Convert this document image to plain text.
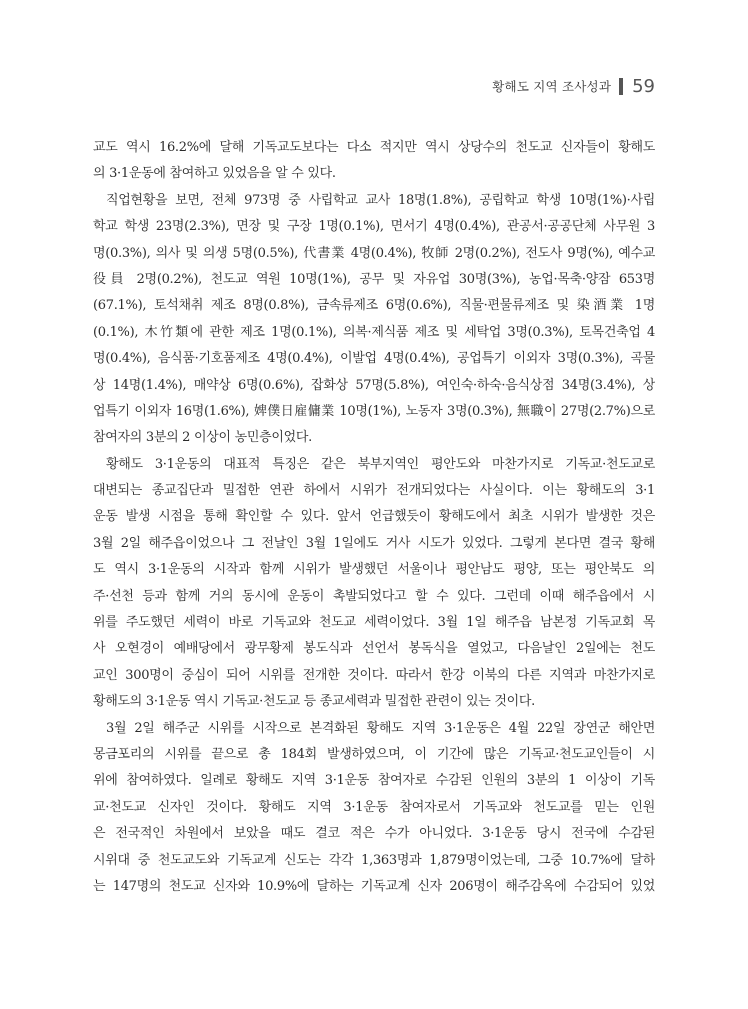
황해도 지역 조사성과 59
교도 역시 16.2%에 달해 기독교도보다는 다소 적지만 역시 상당수의 천도교 신자들이 황해도
의 3·1운동에 참여하고 있었음을 알 수 있다.
직업현황을 보면, 전체 973명 중 사립학교 교사 18명(1.8%), 공립학교 학생 10명(1%)·사립
학교 학생 23명(2.3%), 면장 및 구장 1명(0.1%), 면서기 4명(0.4%), 관공서·공공단체 사무원 3
명(0.3%), 의사 및 의생 5명(0.5%), 代書業 4명(0.4%), 牧師 2명(0.2%), 전도사 9명(%), 예수교
役員 2명(0.2%), 천도교 역원 10명(1%), 공무 및 자유업 30명(3%), 농업·목축·양잠 653명
(67.1%), 토석채취 제조 8명(0.8%), 금속류제조 6명(0.6%), 직물·편물류제조 및 染酒業 1명
(0.1%), 木竹類에 관한 제조 1명(0.1%), 의복·제식품 제조 및 세탁업 3명(0.3%), 토목건축업 4
명(0.4%), 음식품·기호품제조 4명(0.4%), 이발업 4명(0.4%), 공업특기 이외자 3명(0.3%), 곡물
상 14명(1.4%), 매약상 6명(0.6%), 잡화상 57명(5.8%), 여인숙·하숙·음식상점 34명(3.4%), 상
업특기 이외자 16명(1.6%), 婢僕日雇傭業 10명(1%), 노동자 3명(0.3%), 無職이 27명(2.7%)으로
참여자의 3분의 2 이상이 농민층이었다.
황해도 3·1운동의 대표적 특징은 같은 북부지역인 평안도와 마찬가지로 기독교·천도교로
대변되는 종교집단과 밀접한 연관 하에서 시위가 전개되었다는 사실이다. 이는 황해도의 3·1
운동 발생 시점을 통해 확인할 수 있다. 앞서 언급했듯이 황해도에서 최초 시위가 발생한 것은
3월 2일 해주읍이었으나 그 전날인 3월 1일에도 거사 시도가 있었다. 그렇게 본다면 결국 황해
도 역시 3·1운동의 시작과 함께 시위가 발생했던 서울이나 평안남도 평양, 또는 평안북도 의
주·선천 등과 함께 거의 동시에 운동이 촉발되었다고 할 수 있다. 그런데 이때 해주읍에서 시
위를 주도했던 세력이 바로 기독교와 천도교 세력이었다. 3월 1일 해주읍 남본정 기독교회 목
사 오현경이 예배당에서 광무황제 봉도식과 선언서 봉독식을 열었고, 다음날인 2일에는 천도
교인 300명이 중심이 되어 시위를 전개한 것이다. 따라서 한강 이북의 다른 지역과 마찬가지로
황해도의 3·1운동 역시 기독교·천도교 등 종교세력과 밀접한 관련이 있는 것이다.
3월 2일 해주군 시위를 시작으로 본격화된 황해도 지역 3·1운동은 4월 22일 장연군 해안면
몽금포리의 시위를 끝으로 총 184회 발생하였으며, 이 기간에 많은 기독교·천도교인들이 시
위에 참여하였다. 일례로 황해도 지역 3·1운동 참여자로 수감된 인원의 3분의 1 이상이 기독
교·천도교 신자인 것이다. 황해도 지역 3·1운동 참여자로서 기독교와 천도교를 믿는 인원
은 전국적인 차원에서 보았을 때도 결코 적은 수가 아니었다. 3·1운동 당시 전국에 수감된
시위대 중 천도교도와 기독교계 신도는 각각 1,363명과 1,879명이었는데, 그중 10.7%에 달하
는 147명의 천도교 신자와 10.9%에 달하는 기독교계 신자 206명이 해주감옥에 수감되어 있었
